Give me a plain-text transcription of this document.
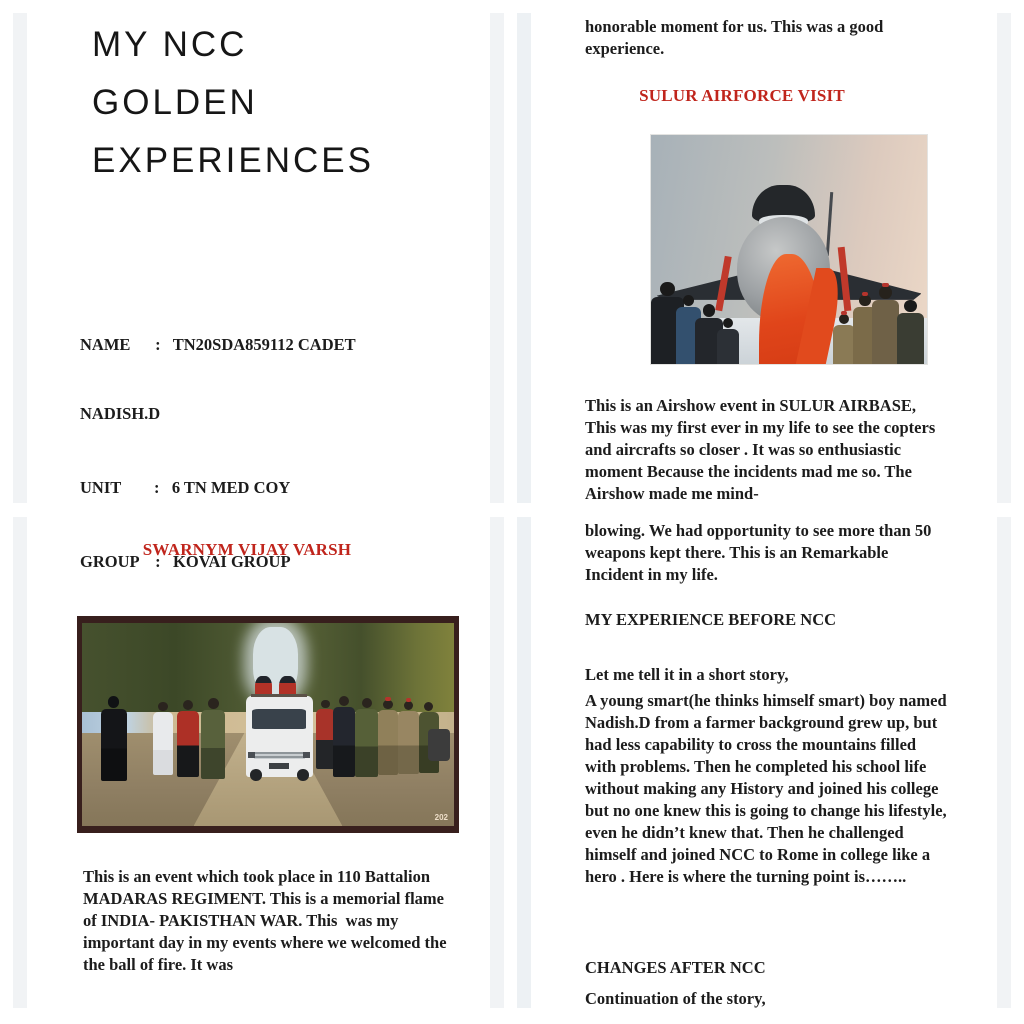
MY NCC
GOLDEN
EXPERIENCES

NAME      :   TN20SDA859112 CADET

NADISH.D

UNIT        :   6 TN MED COY

GROUP    :   KOVAI GROUP

honorable moment for us. This was a good experience.
SULUR AIRFORCE VISIT
This is an Airshow event in SULUR AIRBASE, This was my first ever in my life to see the copters and aircrafts so closer . It was so enthusiastic moment Because the incidents mad me so. The Airshow made me mind-
SWARNYM VIJAY VARSH
202
This is an event which took place in 110 Battalion MADARAS REGIMENT. This is a memorial flame of INDIA- PAKISTHAN WAR. This  was my important day in my events where we welcomed the the ball of fire. It was
blowing. We had opportunity to see more than 50 weapons kept there. This is an Remarkable Incident in my life.
MY EXPERIENCE BEFORE NCC
Let me tell it in a short story,
A young smart(he thinks himself smart) boy named Nadish.D from a farmer background grew up, but had less capability to cross the mountains filled with problems. Then he completed his school life without making any History and joined his college but no one knew this is going to change his lifestyle, even he didn’t knew that. Then he challenged himself and joined NCC to Rome in college like a hero . Here is where the turning point is……..
CHANGES AFTER NCC
Continuation of the story,
